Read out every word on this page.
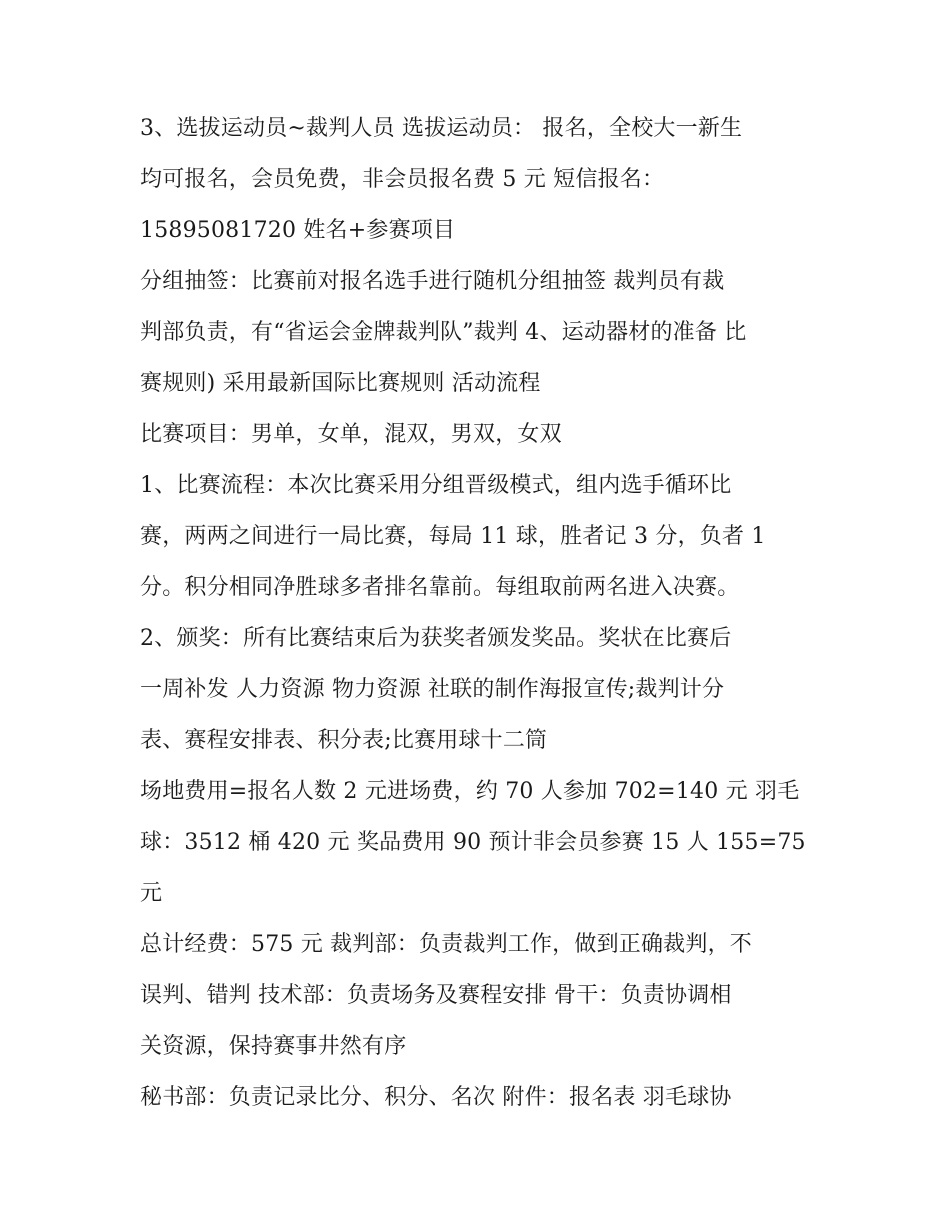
3、选拔运动员~裁判人员 选拔运动员： 报名，全校大一新生
均可报名，会员免费，非会员报名费 5 元 短信报名：
15895081720 姓名+参赛项目
分组抽签：比赛前对报名选手进行随机分组抽签 裁判员有裁
判部负责，有“省运会金牌裁判队”裁判 4、运动器材的准备 比
赛规则) 采用最新国际比赛规则 活动流程
比赛项目：男单，女单，混双，男双，女双
1、比赛流程：本次比赛采用分组晋级模式，组内选手循环比
赛，两两之间进行一局比赛，每局 11 球，胜者记 3 分，负者 1
分。积分相同净胜球多者排名靠前。每组取前两名进入决赛。
2、颁奖：所有比赛结束后为获奖者颁发奖品。奖状在比赛后
一周补发 人力资源 物力资源 社联的制作海报宣传;裁判计分
表、赛程安排表、积分表;比赛用球十二筒
场地费用=报名人数 2 元进场费，约 70 人参加 702=140 元 羽毛
球：3512 桶 420 元 奖品费用 90 预计非会员参赛 15 人 155=75
元
总计经费：575 元 裁判部：负责裁判工作，做到正确裁判，不
误判、错判 技术部：负责场务及赛程安排 骨干：负责协调相
关资源，保持赛事井然有序
秘书部：负责记录比分、积分、名次 附件：报名表 羽毛球协
